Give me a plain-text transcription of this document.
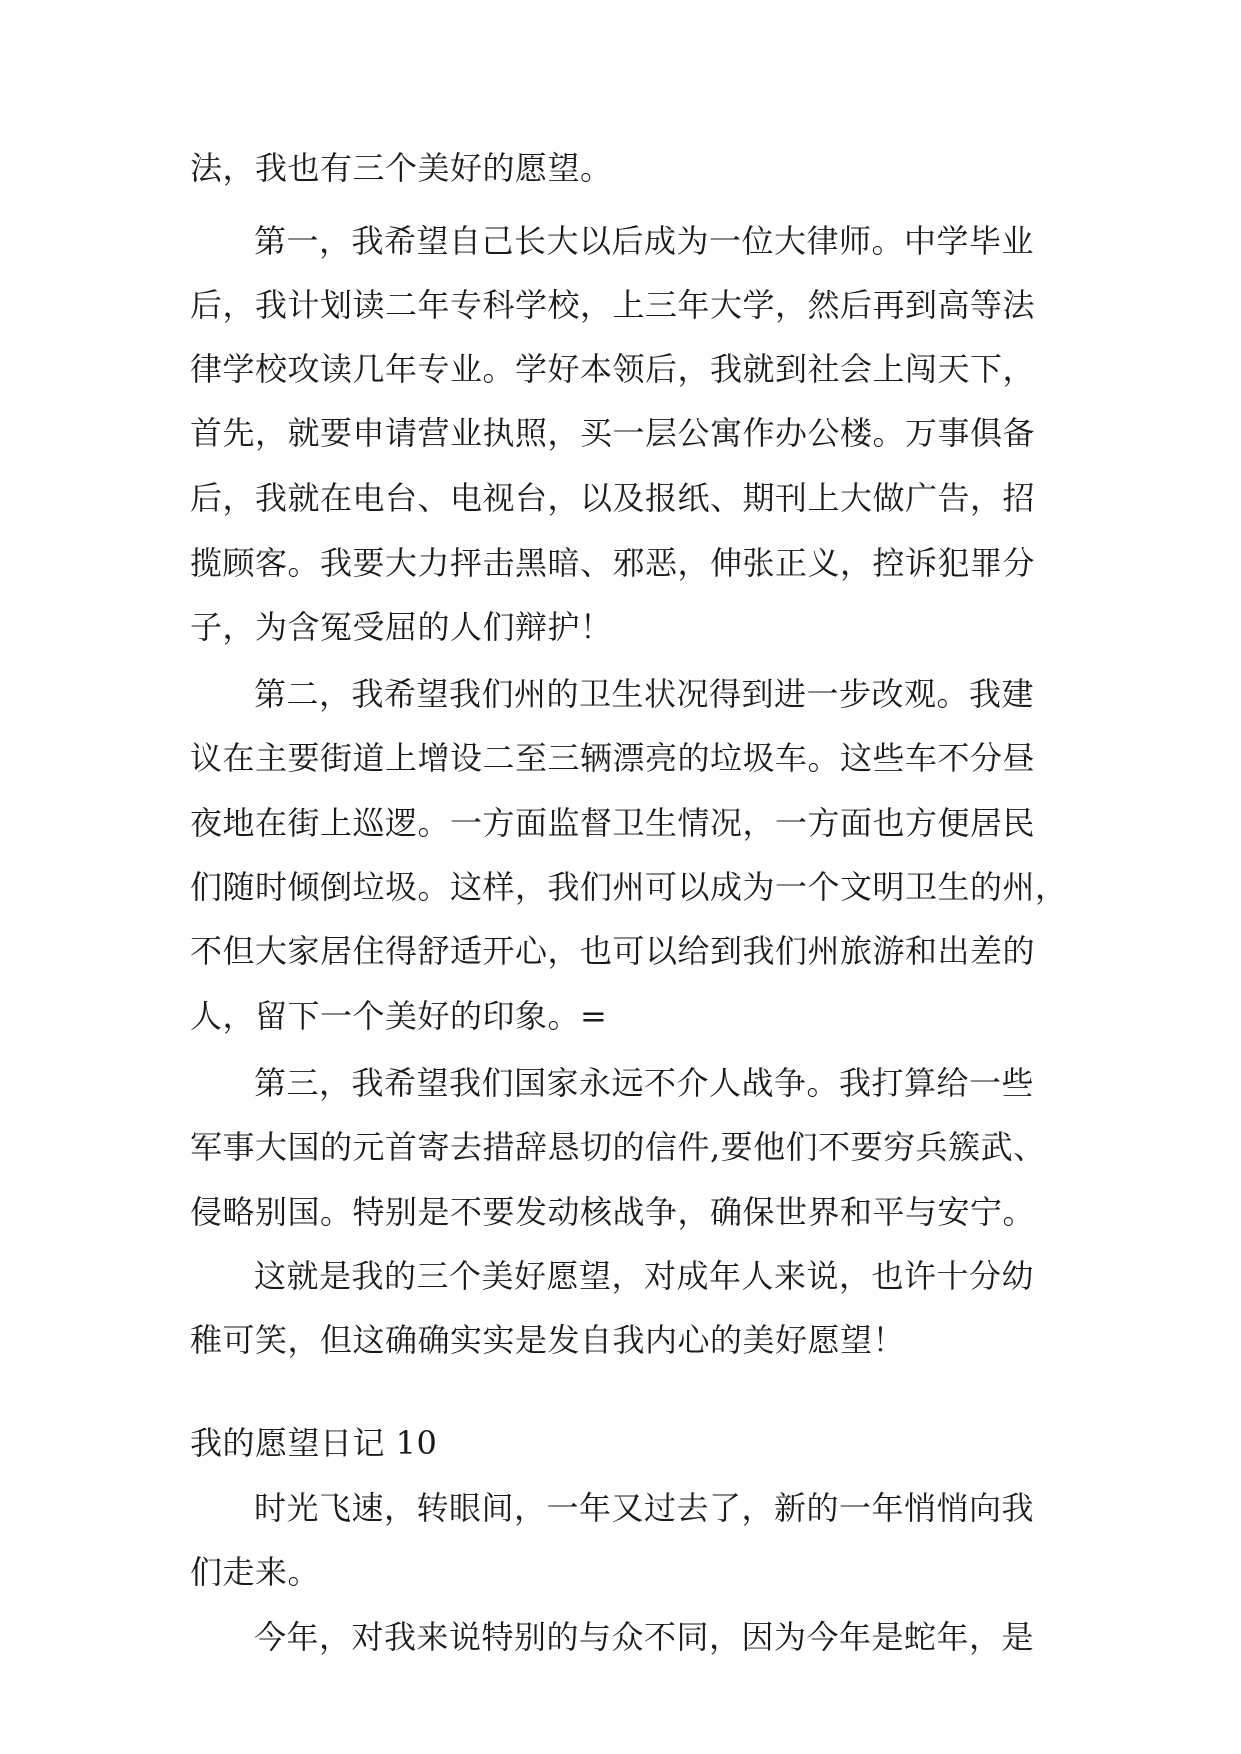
法，我也有三个美好的愿望。
第一，我希望自己长大以后成为一位大律师。中学毕业
后，我计划读二年专科学校，上三年大学，然后再到高等法
律学校攻读几年专业。学好本领后，我就到社会上闯天下，
首先，就要申请营业执照，买一层公寓作办公楼。万事俱备
后，我就在电台、电视台，以及报纸、期刊上大做广告，招
揽顾客。我要大力抨击黑暗、邪恶，伸张正义，控诉犯罪分
子，为含冤受屈的人们辩护！
第二，我希望我们州的卫生状况得到进一步改观。我建
议在主要街道上增设二至三辆漂亮的垃圾车。这些车不分昼
夜地在街上巡逻。一方面监督卫生情况，一方面也方便居民
们随时倾倒垃圾。这样，我们州可以成为一个文明卫生的州，
不但大家居住得舒适开心，也可以给到我们州旅游和出差的
人，留下一个美好的印象。=
第三，我希望我们国家永远不介人战争。我打算给一些
军事大国的元首寄去措辞恳切的信件,要他们不要穷兵簇武、
侵略别国。特别是不要发动核战争，确保世界和平与安宁。
这就是我的三个美好愿望，对成年人来说，也许十分幼
稚可笑，但这确确实实是发自我内心的美好愿望！
我的愿望日记 10
时光飞速，转眼间，一年又过去了，新的一年悄悄向我
们走来。
今年，对我来说特别的与众不同，因为今年是蛇年，是
